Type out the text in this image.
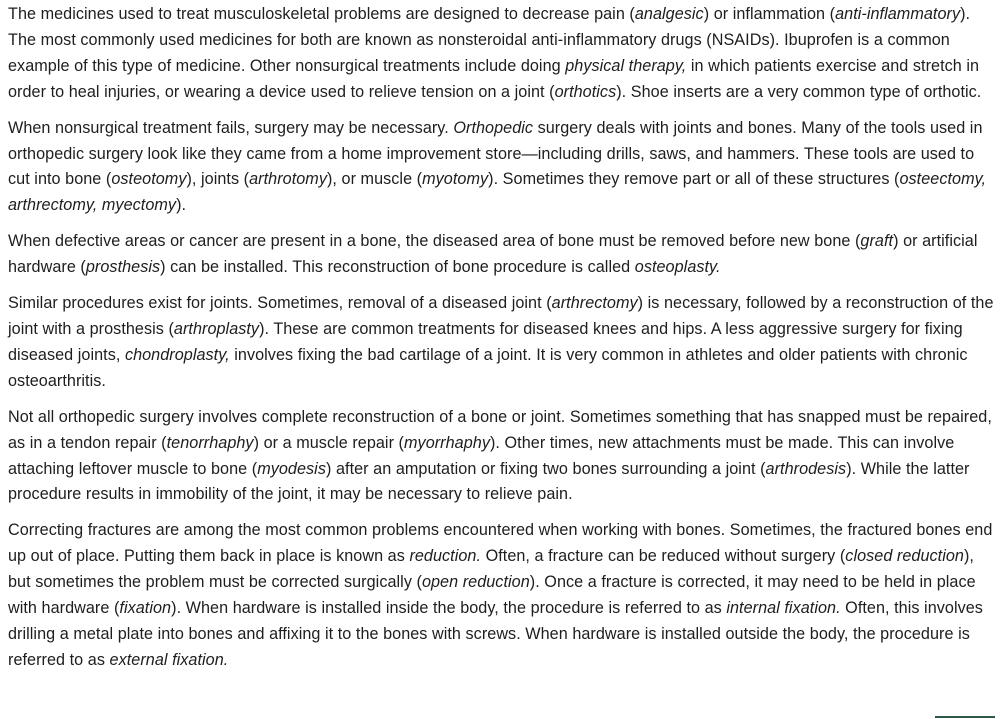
The medicines used to treat musculoskeletal problems are designed to decrease pain (analgesic) or inflammation (anti-inflammatory). The most commonly used medicines for both are known as nonsteroidal anti-inflammatory drugs (NSAIDs). Ibuprofen is a common example of this type of medicine. Other nonsurgical treatments include doing physical therapy, in which patients exercise and stretch in order to heal injuries, or wearing a device used to relieve tension on a joint (orthotics). Shoe inserts are a very common type of orthotic.

When nonsurgical treatment fails, surgery may be necessary. Orthopedic surgery deals with joints and bones. Many of the tools used in orthopedic surgery look like they came from a home improvement store—including drills, saws, and hammers. These tools are used to cut into bone (osteotomy), joints (arthrotomy), or muscle (myotomy). Sometimes they remove part or all of these structures (osteectomy, arthrectomy, myectomy).

When defective areas or cancer are present in a bone, the diseased area of bone must be removed before new bone (graft) or artificial hardware (prosthesis) can be installed. This reconstruction of bone procedure is called osteoplasty.

Similar procedures exist for joints. Sometimes, removal of a diseased joint (arthrectomy) is necessary, followed by a reconstruction of the joint with a prosthesis (arthroplasty). These are common treatments for diseased knees and hips. A less aggressive surgery for fixing diseased joints, chondroplasty, involves fixing the bad cartilage of a joint. It is very common in athletes and older patients with chronic osteoarthritis.

Not all orthopedic surgery involves complete reconstruction of a bone or joint. Sometimes something that has snapped must be repaired, as in a tendon repair (tenorrhaphy) or a muscle repair (myorrhaphy). Other times, new attachments must be made. This can involve attaching leftover muscle to bone (myodesis) after an amputation or fixing two bones surrounding a joint (arthrodesis). While the latter procedure results in immobility of the joint, it may be necessary to relieve pain.

Correcting fractures are among the most common problems encountered when working with bones. Sometimes, the fractured bones end up out of place. Putting them back in place is known as reduction. Often, a fracture can be reduced without surgery (closed reduction), but sometimes the problem must be corrected surgically (open reduction). Once a fracture is corrected, it may need to be held in place with hardware (fixation). When hardware is installed inside the body, the procedure is referred to as internal fixation. Often, this involves drilling a metal plate into bones and affixing it to the bones with screws. When hardware is installed outside the body, the procedure is referred to as external fixation.
